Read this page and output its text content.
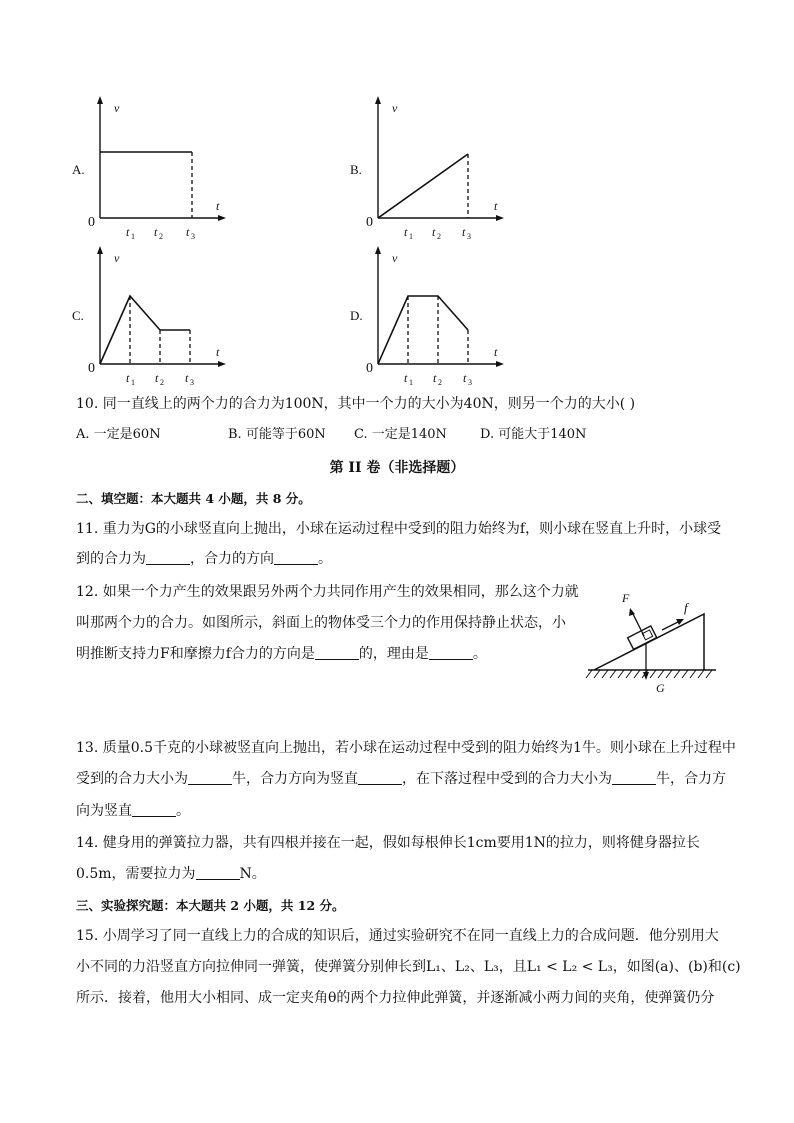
A.
v
t
0
t 1 t 2 t 3
B.
v
t
0
t 1 t 2 t 3
C.
v
t
0
t 1 t 2 t 3
D.
v
t
0
t 1 t 2 t 3
10. 同一直线上的两个力的合力为100N，其中一个力的大小为40N，则另一个力的大小( )
A. 一定是60N	B. 可能等于60N C. 一定是140N	D. 可能大于140N
第 II 卷（非选择题）
二、填空题：本大题共 4 小题，共 8 分。
11. 重力为G的小球竖直向上抛出，小球在运动过程中受到的阻力始终为f，则小球在竖直上升时，小球受
到的合力为	，合力的方向	。
12. 如果一个力产生的效果跟另外两个力共同作用产生的效果相同，那么这个力就
叫那两个力的合力。如图所示，斜面上的物体受三个力的作用保持静止状态，小
明推断支持力F和摩擦力f合力的方向是	的，理由是	。
F
f
G
13. 质量0.5千克的小球被竖直向上抛出，若小球在运动过程中受到的阻力始终为1牛。则小球在上升过程中
受到的合力大小为	牛，合力方向为竖直	，在下落过程中受到的合力大小为	牛，合力方
向为竖直	。
14. 健身用的弹簧拉力器，共有四根并接在一起，假如每根伸长1cm要用1N的拉力，则将健身器拉长
0.5m，需要拉力为	N。
三、实验探究题：本大题共 2 小题，共 12 分。
15. 小周学习了同一直线上力的合成的知识后，通过实验研究不在同一直线上力的合成问题．他分别用大
小不同的力沿竖直方向拉伸同一弹簧，使弹簧分别伸长到L₁、L₂、L₃，且L₁ < L₂ < L₃，如图(a)、(b)和(c)
所示．接着，他用大小相同、成一定夹角θ的两个力拉伸此弹簧，并逐渐减小两力间的夹角，使弹簧仍分
